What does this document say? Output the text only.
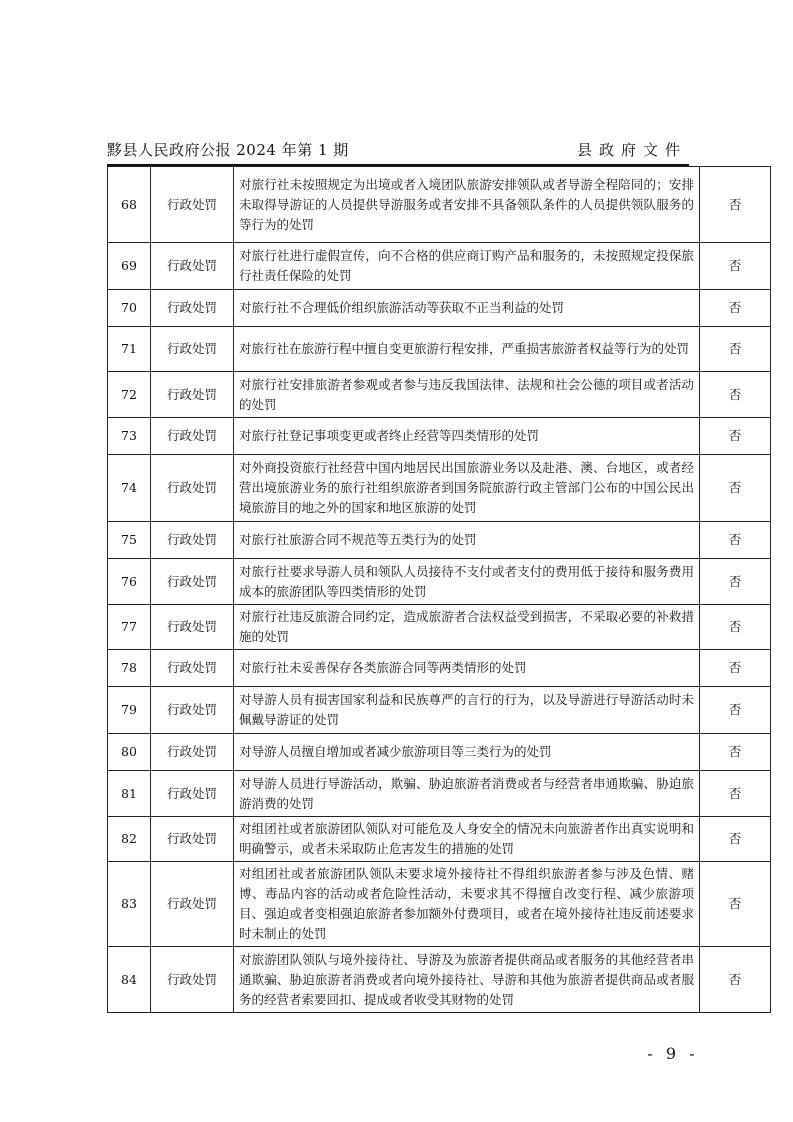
黟县人民政府公报 2024 年第 1 期	县政府文件
68	行政处罚	对旅行社未按照规定为出境或者入境团队旅游安排领队或者导游全程陪同的；安排未取得导游证的人员提供导游服务或者安排不具备领队条件的人员提供领队服务的等行为的处罚	否
69	行政处罚	对旅行社进行虚假宣传，向不合格的供应商订购产品和服务的，未按照规定投保旅行社责任保险的处罚	否
70	行政处罚	对旅行社不合理低价组织旅游活动等获取不正当利益的处罚	否
71	行政处罚	对旅行社在旅游行程中擅自变更旅游行程安排，严重损害旅游者权益等行为的处罚	否
72	行政处罚	对旅行社安排旅游者参观或者参与违反我国法律、法规和社会公德的项目或者活动的处罚	否
73	行政处罚	对旅行社登记事项变更或者终止经营等四类情形的处罚	否
74	行政处罚	对外商投资旅行社经营中国内地居民出国旅游业务以及赴港、澳、台地区，或者经营出境旅游业务的旅行社组织旅游者到国务院旅游行政主管部门公布的中国公民出境旅游目的地之外的国家和地区旅游的处罚	否
75	行政处罚	对旅行社旅游合同不规范等五类行为的处罚	否
76	行政处罚	对旅行社要求导游人员和领队人员接待不支付或者支付的费用低于接待和服务费用成本的旅游团队等四类情形的处罚	否
77	行政处罚	对旅行社违反旅游合同约定，造成旅游者合法权益受到损害，不采取必要的补救措施的处罚	否
78	行政处罚	对旅行社未妥善保存各类旅游合同等两类情形的处罚	否
79	行政处罚	对导游人员有损害国家利益和民族尊严的言行的行为，以及导游进行导游活动时未佩戴导游证的处罚	否
80	行政处罚	对导游人员擅自增加或者减少旅游项目等三类行为的处罚	否
81	行政处罚	对导游人员进行导游活动，欺骗、胁迫旅游者消费或者与经营者串通欺骗、胁迫旅游消费的处罚	否
82	行政处罚	对组团社或者旅游团队领队对可能危及人身安全的情况未向旅游者作出真实说明和明确警示，或者未采取防止危害发生的措施的处罚	否
83	行政处罚	对组团社或者旅游团队领队未要求境外接待社不得组织旅游者参与涉及色情、赌博、毒品内容的活动或者危险性活动，未要求其不得擅自改变行程、减少旅游项目、强迫或者变相强迫旅游者参加额外付费项目，或者在境外接待社违反前述要求时未制止的处罚	否
84	行政处罚	对旅游团队领队与境外接待社、导游及为旅游者提供商品或者服务的其他经营者串通欺骗、胁迫旅游者消费或者向境外接待社、导游和其他为旅游者提供商品或者服务的经营者索要回扣、提成或者收受其财物的处罚	否
- 9 -
